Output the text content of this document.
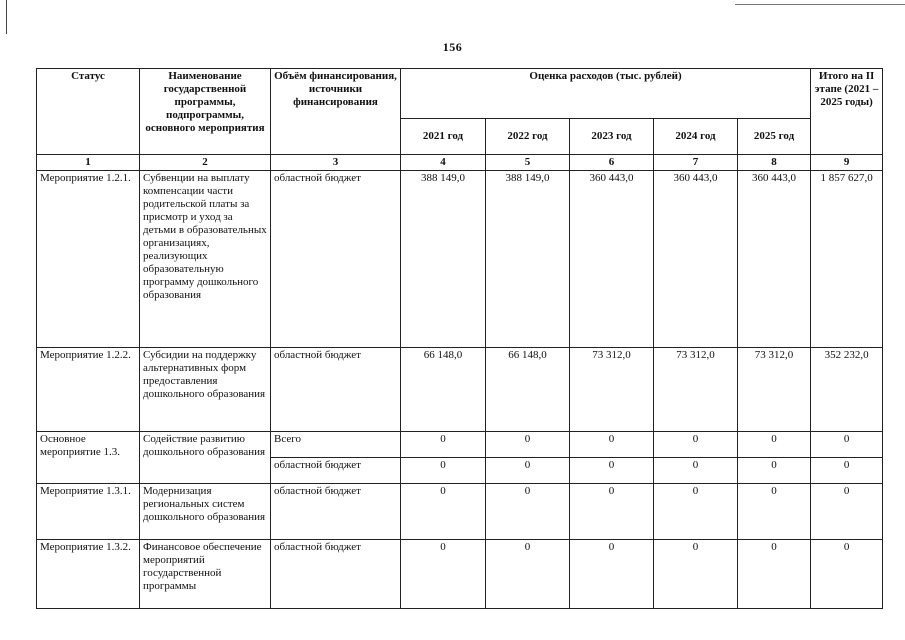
156
Статус	Наименование государственной программы, подпрограммы, основного мероприятия	Объём финансирования, источники финансирования	Оценка расходов (тыс. рублей)					Итого на II этапе (2021 – 2025 годы)
			2021 год	2022 год	2023 год	2024 год	2025 год	
1	2	3	4	5	6	7	8	9
Мероприятие 1.2.1.	Субвенции на выплату компенсации части родительской платы за присмотр и уход за детьми в образовательных организациях, реализующих образовательную программу дошкольного образования	областной бюджет	388 149,0	388 149,0	360 443,0	360 443,0	360 443,0	1 857 627,0
Мероприятие 1.2.2.	Субсидии на поддержку альтернативных форм предоставления дошкольного образования	областной бюджет	66 148,0	66 148,0	73 312,0	73 312,0	73 312,0	352 232,0
Основное мероприятие 1.3.	Содействие развитию дошкольного образования	Всего	0	0	0	0	0	0
		областной бюджет	0	0	0	0	0	0
Мероприятие 1.3.1.	Модернизация региональных систем дошкольного образования	областной бюджет	0	0	0	0	0	0
Мероприятие 1.3.2.	Финансовое обеспечение мероприятий государственной программы	областной бюджет	0	0	0	0	0	0
